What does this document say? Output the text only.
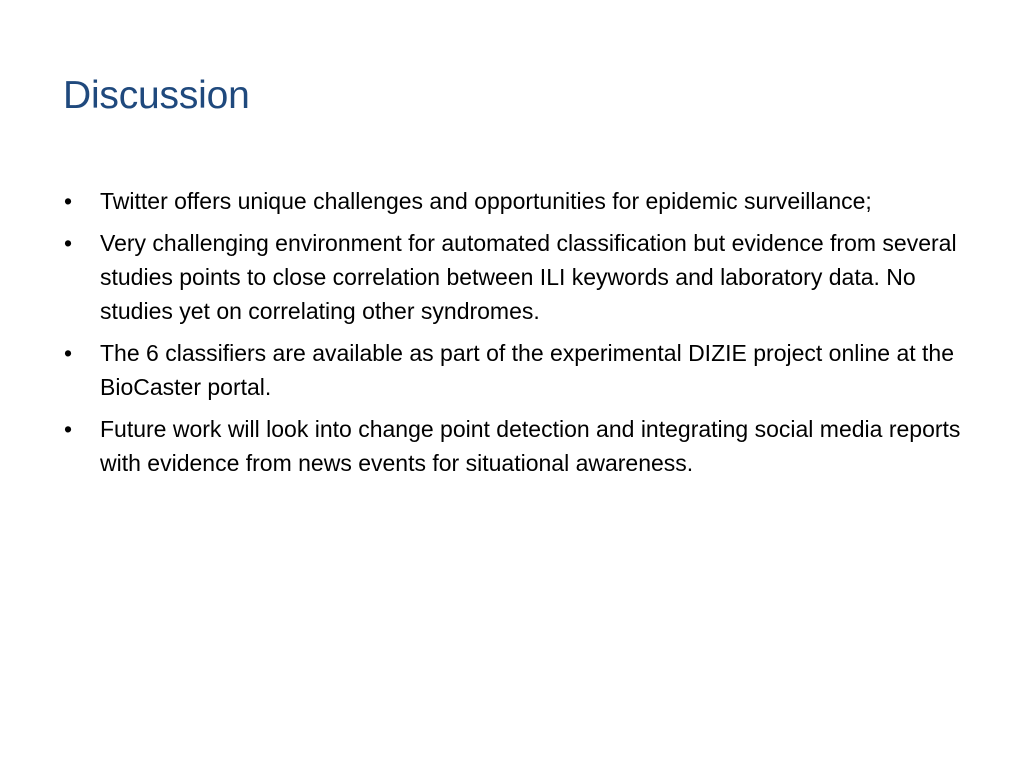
Discussion
• Twitter offers unique challenges and opportunities for epidemic surveillance;
• Very challenging environment for automated classification but evidence from several studies points to close correlation between ILI keywords and laboratory data. No studies yet on correlating other syndromes.
• The 6 classifiers are available as part of the experimental DIZIE project online at the BioCaster portal.
• Future work will look into change point detection and integrating social media reports with evidence from news events for situational awareness.
